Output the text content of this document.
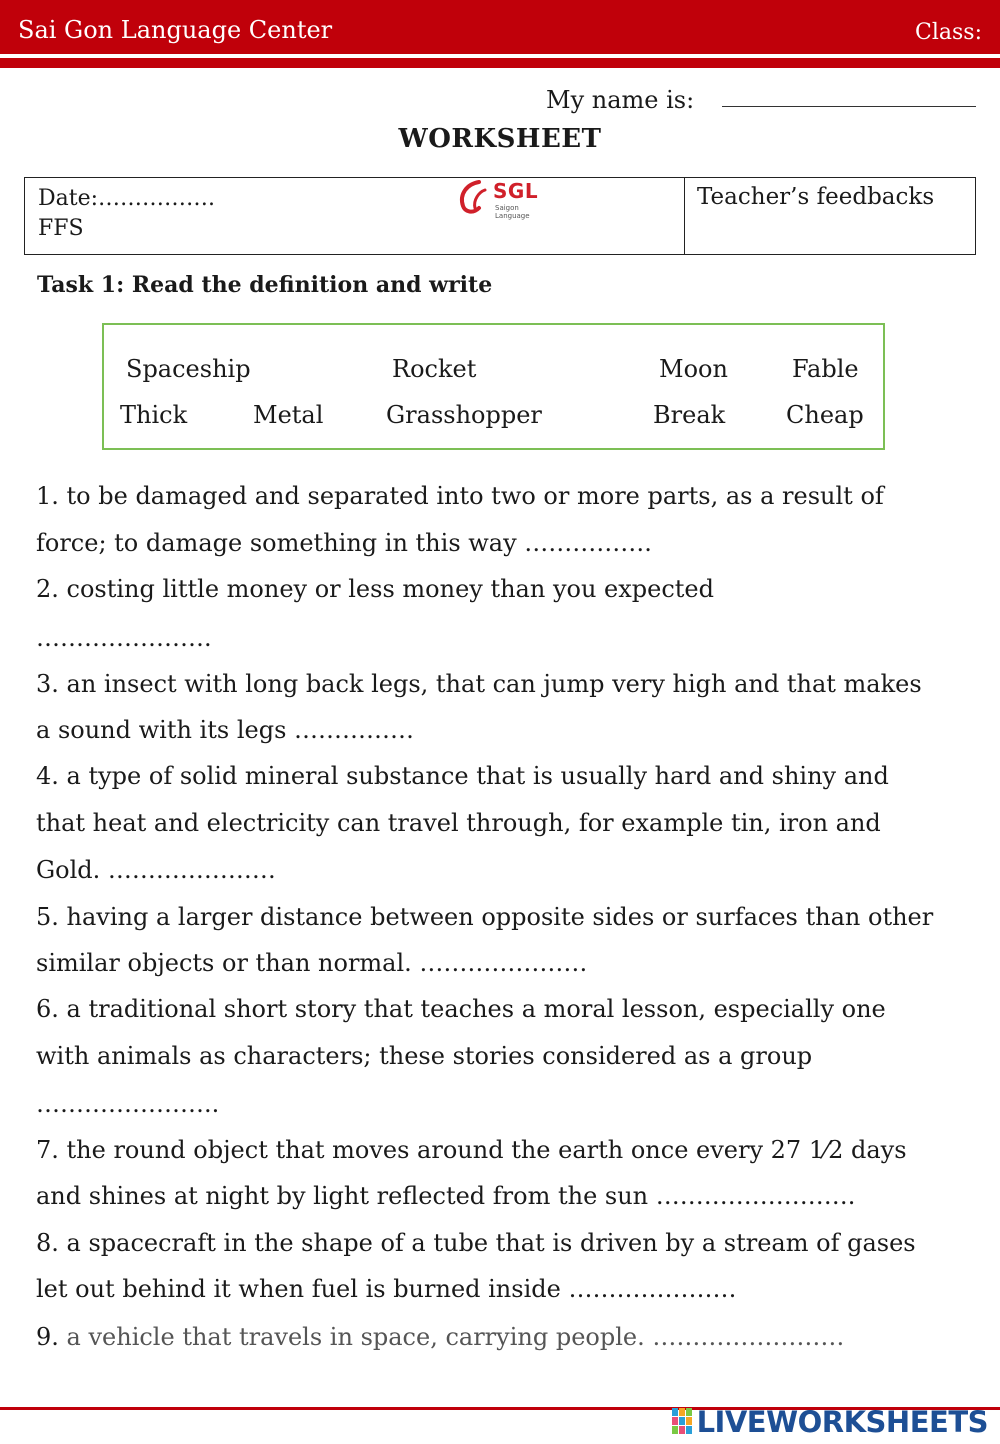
Sai Gon Language Center	Class:
My name is:
WORKSHEET
Date:…………….
FFS
SGL
Saigon Language
Teacher’s feedbacks
Task 1: Read the definition and write
Spaceship	Rocket	Moon	Fable
Thick	Metal	Grasshopper	Break	Cheap
1. to be damaged and separated into two or more parts, as a result of
force; to damage something in this way …………….
2. costing little money or less money than you expected
………………….
3. an insect with long back legs, that can jump very high and that makes
a sound with its legs ……………
4. a type of solid mineral substance that is usually hard and shiny and
that heat and electricity can travel through, for example tin, iron and
Gold. …………………
5. having a larger distance between opposite sides or surfaces than other
similar objects or than normal. …………………
6. a traditional short story that teaches a moral lesson, especially one
with animals as characters; these stories considered as a group
…………………..
7. the round object that moves around the earth once every 27 1⁄2 days
and shines at night by light reflected from the sun …………………….
8. a spacecraft in the shape of a tube that is driven by a stream of gases
let out behind it when fuel is burned inside …………………
9. a vehicle that travels in space, carrying people. ……………………
LIVEWORKSHEETS
